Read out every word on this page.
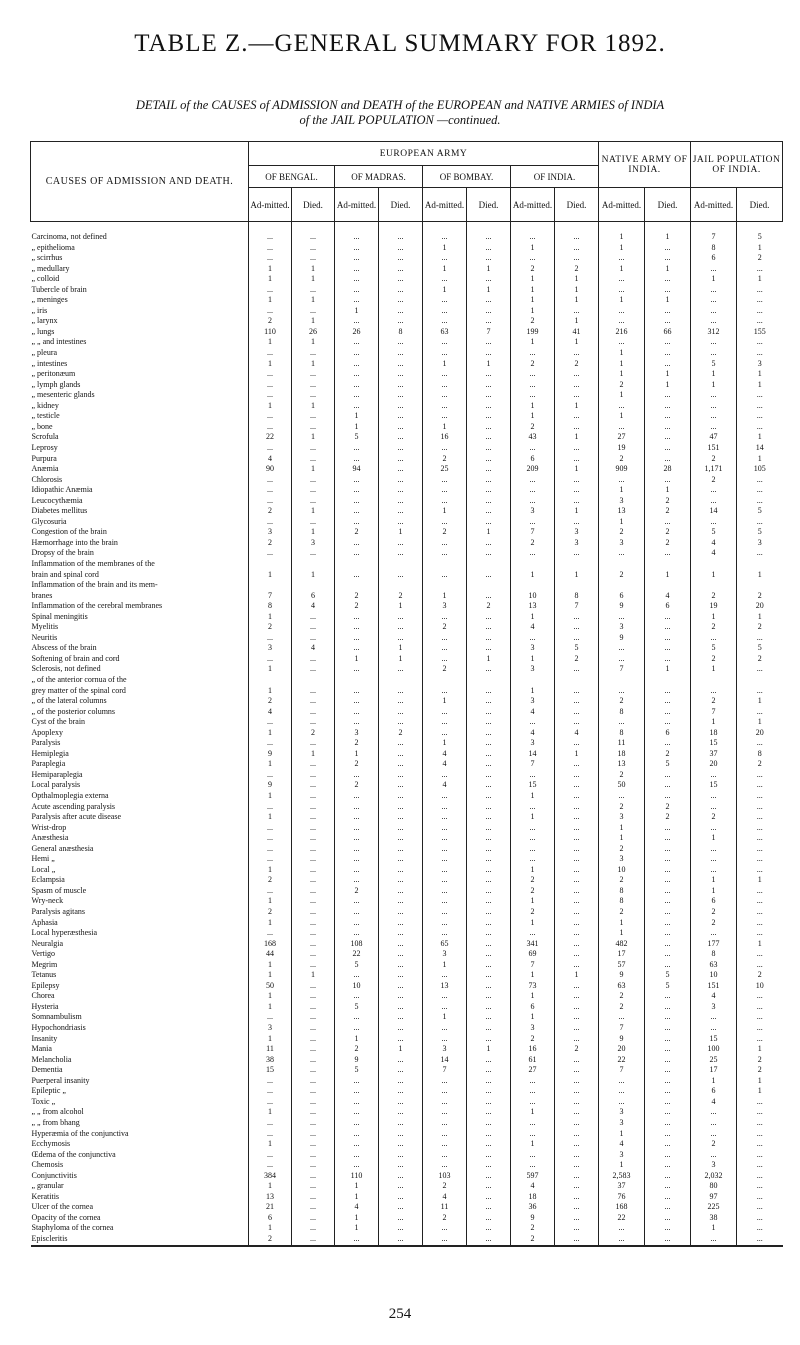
TABLE Z.—GENERAL SUMMARY FOR 1892.
DETAIL of the CAUSES of ADMISSION and DEATH of the EUROPEAN and NATIVE ARMIES of INDIA
of the JAIL POPULATION —continued.
CAUSES OF ADMISSION AND DEATH.	EUROPEAN ARMY								NATIVE ARMY OF INDIA.		JAIL POPULATION OF INDIA.	
	OF BENGAL.		OF MADRAS.		OF BOMBAY.		OF INDIA.					
	Ad-mitted.	Died.	Ad-mitted.	Died.	Ad-mitted.	Died.	Ad-mitted.	Died.	Ad-mitted.	Died.	Ad-mitted.	Died.
Carcinoma, not defined	...	...	...	...	...	...	...	...	1	1	7	5
„ epithelioma	...	...	...	...	1	...	1	...	1	...	8	1
„ scirrhus	...	...	...	...	...	...	...	...	...	...	6	2
„ medullary	1	1	...	...	1	1	2	2	1	1	...	...
„ colloid	1	1	...	...	...	...	1	1	...	...	1	1
Tubercle of brain	...	...	...	...	1	1	1	1	...	...	...	...
„ meninges	1	1	...	...	...	...	1	1	1	1	...	...
„ iris	...	...	1	...	...	...	1	...	...	...	...	...
„ larynx	2	1	...	...	...	...	2	1	...	...	...	...
„ lungs	110	26	26	8	63	7	199	41	216	66	312	155
„ „ and intestines	1	1	...	...	...	...	1	1	...	...	...	...
„ pleura	...	...	...	...	...	...	...	...	1	...	...	...
„ intestines	1	1	...	...	1	1	2	2	1	...	5	3
„ peritonæum	...	...	...	...	...	...	...	...	1	1	1	1
„ lymph glands	...	...	...	...	...	...	...	...	2	1	1	1
„ mesenteric glands	...	...	...	...	...	...	...	...	1	...	...	...
„ kidney	1	1	...	...	...	...	1	1	...	...	...	...
„ testicle	...	...	1	...	...	...	1	...	1	...	...	...
„ bone	...	...	1	...	1	...	2	...	...	...	...	...
Scrofula	22	1	5	...	16	...	43	1	27	...	47	1
Leprosy	...	...	...	...	...	...	...	...	19	...	151	14
Purpura	4	...	...	...	2	...	6	...	2	...	2	1
Anæmia	90	1	94	...	25	...	209	1	909	28	1,171	105
Chlorosis	...	...	...	...	...	...	...	...	...	...	2	...
Idiopathic Anæmia	...	...	...	...	...	...	...	...	1	1	...	...
Leucocythæmia	...	...	...	...	...	...	...	...	3	2	...	...
Diabetes mellitus	2	1	...	...	1	...	3	1	13	2	14	5
Glycosuria	...	...	...	...	...	...	...	...	1	...	...	...
Congestion of the brain	3	1	2	1	2	1	7	3	2	2	5	5
Hæmorrhage into the brain	2	3	...	...	...	...	2	3	3	2	4	3
Dropsy of the brain	...	...	...	...	...	...	...	...	...	...	4	...
Inflammation of the membranes of the												
brain and spinal cord	1	1	...	...	...	...	1	1	2	1	1	1
Inflammation of the brain and its mem-												
branes	7	6	2	2	1	...	10	8	6	4	2	2
Inflammation of the cerebral membranes	8	4	2	1	3	2	13	7	9	6	19	20
Spinal meningitis	1	...	...	...	...	...	1	...	...	...	1	1
Myelitis	2	...	...	...	2	...	4	...	3	...	2	2
Neuritis	...	...	...	...	...	...	...	...	9	...	...	...
Abscess of the brain	3	4	...	1	...	...	3	5	...	...	5	5
Softening of brain and cord	...	...	1	1	...	1	1	2	...	...	2	2
Sclerosis, not defined	1	...	...	...	2	...	3	...	7	1	1	...
„ of the anterior cornua of the												
grey matter of the spinal cord	1	...	...	...	...	...	1	...	...	...	...	...
„ of the lateral columns	2	...	...	...	1	...	3	...	2	...	2	1
„ of the posterior columns	4	...	...	...	...	...	4	...	8	...	7	...
Cyst of the brain	...	...	...	...	...	...	...	...	...	...	1	1
Apoplexy	1	2	3	2	...	...	4	4	8	6	18	20
Paralysis	...	...	2	...	1	...	3	...	11	...	15	...
Hemiplegia	9	1	1	...	4	...	14	1	18	2	37	8
Paraplegia	1	...	2	...	4	...	7	...	13	5	20	2
Hemiparaplegia	...	...	...	...	...	...	...	...	2	...	...	...
Local paralysis	9	...	2	...	4	...	15	...	50	...	15	...
Opthalmoplegia externa	1	...	...	...	...	...	1	...	...	...	...	...
Acute ascending paralysis	...	...	...	...	...	...	...	...	2	2	...	...
Paralysis after acute disease	1	...	...	...	...	...	1	...	3	2	2	...
Wrist-drop	...	...	...	...	...	...	...	...	1	...	...	...
Anæsthesia	...	...	...	...	...	...	...	...	1	...	1	...
General anæsthesia	...	...	...	...	...	...	...	...	2	...	...	...
Hemi „	...	...	...	...	...	...	...	...	3	...	...	...
Local „	1	...	...	...	...	...	1	...	10	...	...	...
Eclampsia	2	...	...	...	...	...	2	...	2	...	1	1
Spasm of muscle	...	...	2	...	...	...	2	...	8	...	1	...
Wry-neck	1	...	...	...	...	...	1	...	8	...	6	...
Paralysis agitans	2	...	...	...	...	...	2	...	2	...	2	...
Aphasia	1	...	...	...	...	...	1	...	1	...	2	...
Local hyperæsthesia	...	...	...	...	...	...	...	...	1	...	...	...
Neuralgia	168	...	108	...	65	...	341	...	482	...	177	1
Vertigo	44	...	22	...	3	...	69	...	17	...	8	...
Megrim	1	...	5	...	1	...	7	...	57	...	63	...
Tetanus	1	1	...	...	...	...	1	1	9	5	10	2
Epilepsy	50	...	10	...	13	...	73	...	63	5	151	10
Chorea	1	...	...	...	...	...	1	...	2	...	4	...
Hysteria	1	...	5	...	...	...	6	...	2	...	3	...
Somnambulism	...	...	...	...	1	...	1	...	...	...	...	...
Hypochondriasis	3	...	...	...	...	...	3	...	7	...	...	...
Insanity	1	...	1	...	...	...	2	...	9	...	15	...
Mania	11	...	2	1	3	1	16	2	20	...	100	1
Melancholia	38	...	9	...	14	...	61	...	22	...	25	2
Dementia	15	...	5	...	7	...	27	...	7	...	17	2
Puerperal insanity	...	...	...	...	...	...	...	...	...	...	1	1
Epileptic „	...	...	...	...	...	...	...	...	...	...	6	1
Toxic „	...	...	...	...	...	...	...	...	...	...	4	...
„ „ from alcohol	1	...	...	...	...	...	1	...	3	...	...	...
„ „ from bhang	...	...	...	...	...	...	...	...	3	...	...	...
Hyperæmia of the conjunctiva	...	...	...	...	...	...	...	...	1	...	...	...
Ecchymosis	1	...	...	...	...	...	1	...	4	...	2	...
Œdema of the conjunctiva	...	...	...	...	...	...	...	...	3	...	...	...
Chemosis	...	...	...	...	...	...	...	...	1	...	3	...
Conjunctivitis	384	...	110	...	103	...	597	...	2,583	...	2,032	...
„ granular	1	...	1	...	2	...	4	...	37	...	80	...
Keratitis	13	...	1	...	4	...	18	...	76	...	97	...
Ulcer of the cornea	21	...	4	...	11	...	36	...	168	...	225	...
Opacity of the cornea	6	...	1	...	2	...	9	...	22	...	38	...
Staphyloma of the cornea	1	...	1	...	...	...	2	...	...	...	1	...
Episcleritis	2	...	...	...	...	...	2	...	...	...	...	...
254
